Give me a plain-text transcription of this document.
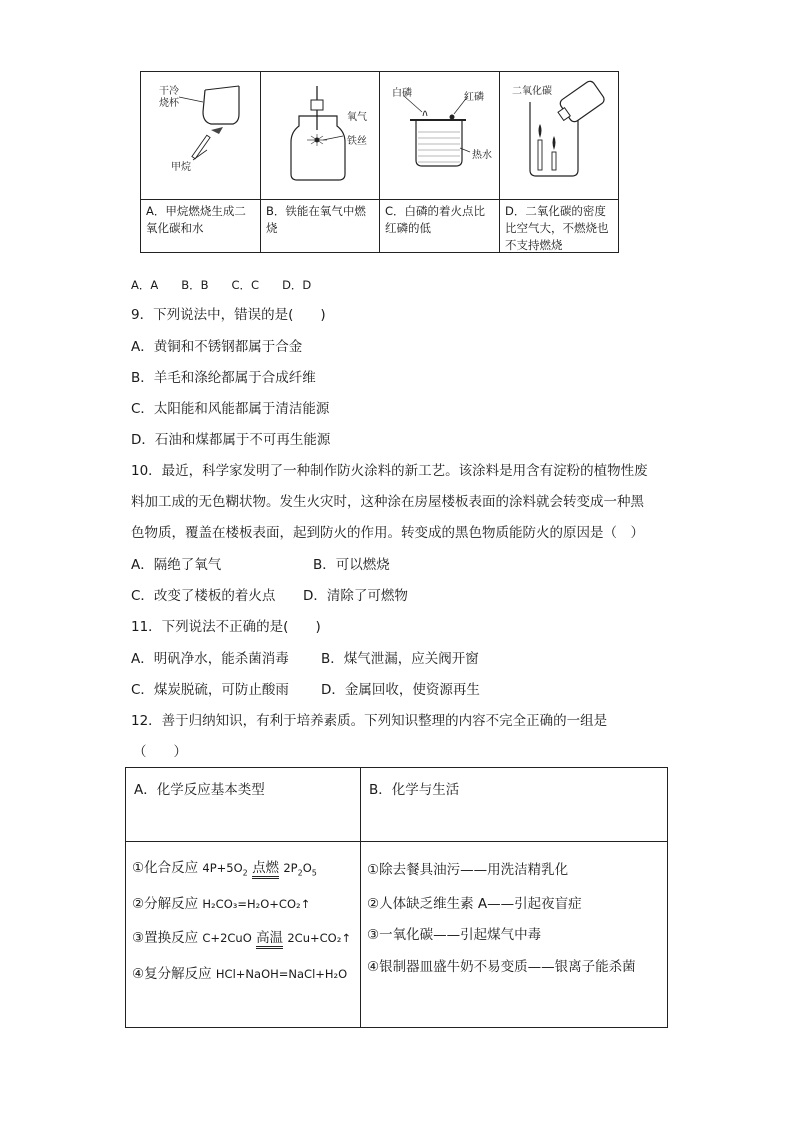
干冷
烧杯
甲烷
氧气
铁丝
白磷	红磷
热水
二氧化碳
A．甲烷燃烧生成二氧化碳和水
B．铁能在氧气中燃烧
C．白磷的着火点比红磷的低
D．二氧化碳的密度比空气大，不燃烧也不支持燃烧
A．A　　B．B　　C．C　　D．D
9．下列说法中，错误的是(　　)
A．黄铜和不锈钢都属于合金
B．羊毛和涤纶都属于合成纤维
C．太阳能和风能都属于清洁能源
D．石油和煤都属于不可再生能源
10．最近，科学家发明了一种制作防火涂料的新工艺。该涂料是用含有淀粉的植物性废
料加工成的无色糊状物。发生火灾时，这种涂在房屋楼板表面的涂料就会转变成一种黑
色物质，覆盖在楼板表面，起到防火的作用。转变成的黑色物质能防火的原因是（　）
A．隔绝了氧气	B．可以燃烧
C．改变了楼板的着火点 D．清除了可燃物
11．下列说法不正确的是(　　)
A．明矾净水，能杀菌消毒 B．煤气泄漏，应关阀开窗
C．煤炭脱硫，可防止酸雨 D．金属回收，使资源再生
12．善于归纳知识，有利于培养素质。下列知识整理的内容不完全正确的一组是
（　　）
A．化学反应基本类型	B．化学与生活
①化合反应 $4P+5O_2$ 点燃 $2P_2O_5$
②分解反应 H₂CO₃=H₂O+CO₂↑
③置换反应 C+2CuO 高温 2Cu+CO₂↑
④复分解反应 HCl+NaOH=NaCl+H₂O
①除去餐具油污——用洗洁精乳化
②人体缺乏维生素 A——引起夜盲症
③一氧化碳——引起煤气中毒
④银制器皿盛牛奶不易变质——银离子能杀菌
